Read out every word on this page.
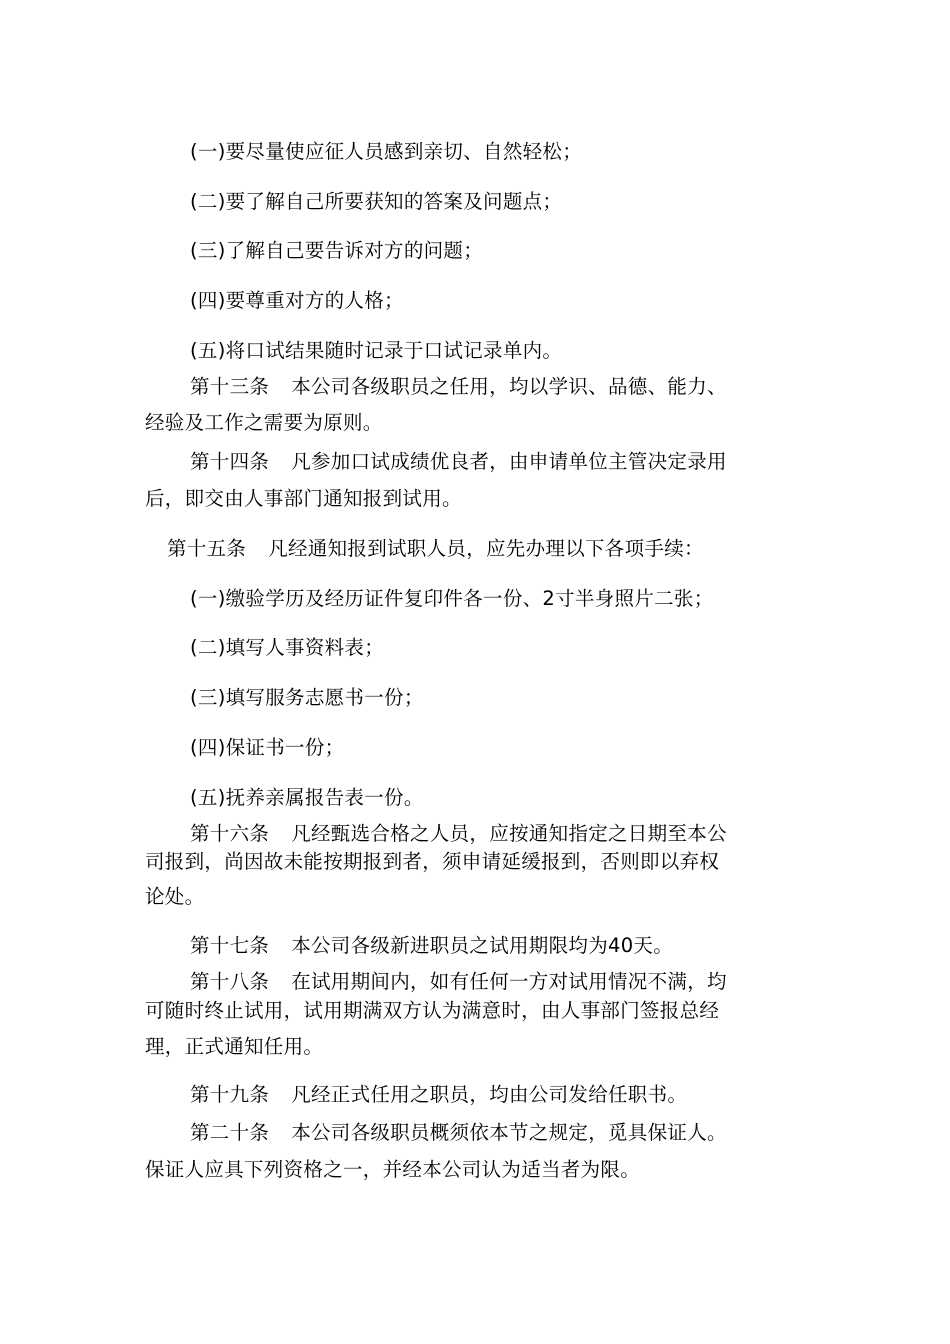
(一)要尽量使应征人员感到亲切、自然轻松；
(二)要了解自己所要获知的答案及问题点；
(三)了解自己要告诉对方的问题；
(四)要尊重对方的人格；
(五)将口试结果随时记录于口试记录单内。
第十三条 本公司各级职员之任用，均以学识、品德、能力、
经验及工作之需要为原则。
第十四条 凡参加口试成绩优良者，由申请单位主管决定录用
后，即交由人事部门通知报到试用。
第十五条 凡经通知报到试职人员，应先办理以下各项手续：
(一)缴验学历及经历证件复印件各一份、2寸半身照片二张；
(二)填写人事资料表；
(三)填写服务志愿书一份；
(四)保证书一份；
(五)抚养亲属报告表一份。
第十六条 凡经甄选合格之人员，应按通知指定之日期至本公
司报到，尚因故未能按期报到者，须申请延缓报到，否则即以弃权
论处。
第十七条 本公司各级新进职员之试用期限均为40天。
第十八条 在试用期间内，如有任何一方对试用情况不满，均
可随时终止试用，试用期满双方认为满意时，由人事部门签报总经
理，正式通知任用。
第十九条 凡经正式任用之职员，均由公司发给任职书。
第二十条 本公司各级职员概须依本节之规定，觅具保证人。
保证人应具下列资格之一，并经本公司认为适当者为限。
